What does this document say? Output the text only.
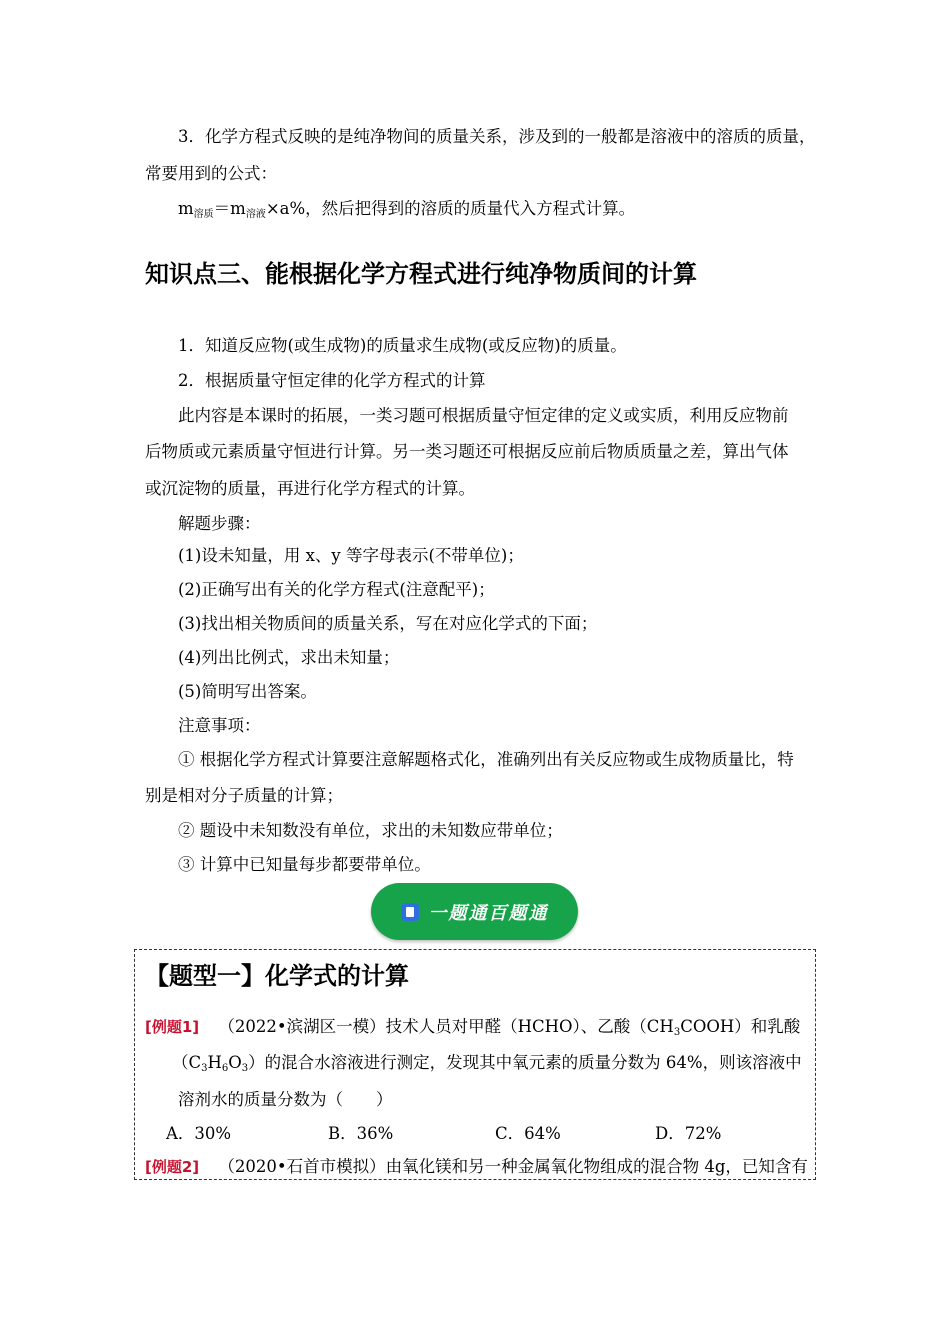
3．化学方程式反映的是纯净物间的质量关系，涉及到的一般都是溶液中的溶质的质量，
常要用到的公式：
m溶质＝m溶液×a%，然后把得到的溶质的质量代入方程式计算。
知识点三、能根据化学方程式进行纯净物质间的计算
1．知道反应物(或生成物)的质量求生成物(或反应物)的质量。
2．根据质量守恒定律的化学方程式的计算
此内容是本课时的拓展，一类习题可根据质量守恒定律的定义或实质，利用反应物前
后物质或元素质量守恒进行计算。另一类习题还可根据反应前后物质质量之差，算出气体
或沉淀物的质量，再进行化学方程式的计算。
解题步骤：
(1)设未知量，用 x、y 等字母表示(不带单位)；
(2)正确写出有关的化学方程式(注意配平)；
(3)找出相关物质间的质量关系，写在对应化学式的下面；
(4)列出比例式，求出未知量；
(5)简明写出答案。
注意事项：
① 根据化学方程式计算要注意解题格式化，准确列出有关反应物或生成物质量比，特
别是相对分子质量的计算；
② 题设中未知数没有单位，求出的未知数应带单位；
③ 计算中已知量每步都要带单位。
一题通百题通
【题型一】化学式的计算
[例题1] （2022•滨湖区一模）技术人员对甲醛（HCHO）、乙酸（CH3COOH）和乳酸
（C3H6O3）的混合水溶液进行测定，发现其中氧元素的质量分数为 64%，则该溶液中
溶剂水的质量分数为（　　）
A．30%	B．36%	C．64%	D．72%
[例题2] （2020•石首市模拟）由氧化镁和另一种金属氧化物组成的混合物 4g，已知含有
